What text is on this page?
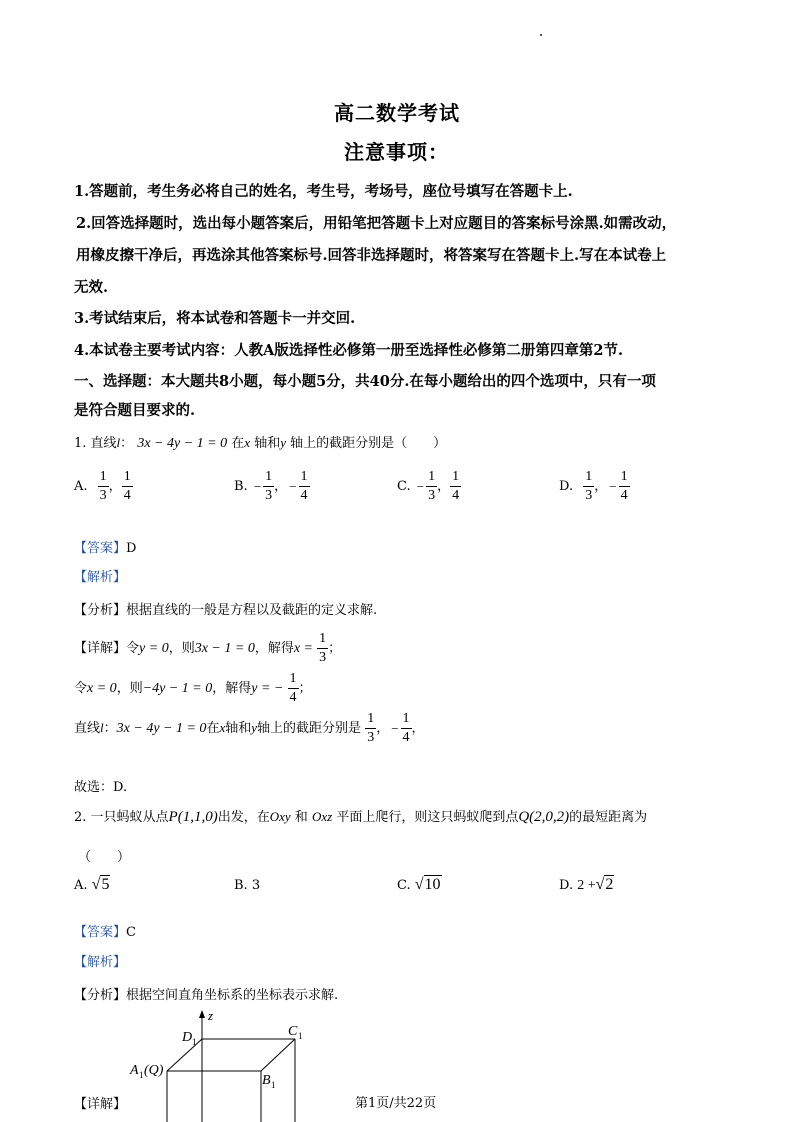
高二数学考试
注意事项：
1.答题前，考生务必将自己的姓名，考生号，考场号，座位号填写在答题卡上.
2.回答选择题时，选出每小题答案后，用铅笔把答题卡上对应题目的答案标号涂黑.如需改动，
用橡皮擦干净后，再选涂其他答案标号.回答非选择题时，将答案写在答题卡上.写在本试卷上
无效.
3.考试结束后，将本试卷和答题卡一并交回.
4.本试卷主要考试内容：人教A版选择性必修第一册至选择性必修第二册第四章第2节.
一、选择题：本大题共8小题，每小题5分，共40分.在每小题给出的四个选项中，只有一项
是符合题目要求的.
1. 直线l： 3x − 4y − 1 = 0 在x 轴和y 轴上的截距分别是（　　）
A. $\frac{1}{3}$ ， $\frac{1}{4}$	B. − $\frac{1}{3}$ ， − $\frac{1}{4}$	C. − $\frac{1}{3}$ ， $\frac{1}{4}$	D. $\frac{1}{3}$ ， − $\frac{1}{4}$
【答案】D
【解析】
【分析】根据直线的一般是方程以及截距的定义求解.
【详解】令y = 0，则3x − 1 = 0，解得$x = \frac{1}{3}$ ；
令x = 0，则−4y − 1 = 0，解得y = − $\frac{1}{4}$ ；
直线l：3x − 4y − 1 = 0在x轴和y轴上的截距分别是 $\frac{1}{3}$ ， − $\frac{1}{4}$ ，
故选：D.
2. 一只蚂蚁从点P(1,1,0)出发，在Oxy 和 Oxz 平面上爬行，则这只蚂蚁爬到点Q(2,0,2)的最短距离为
（　　）
A. √5	B. 3	C. √10	D. 2 +√2
【答案】C
【解析】
【分析】根据空间直角坐标系的坐标表示求解.
【详解】
z
D 1
C 1
A 1 (Q)
B 1
第1页/共22页
